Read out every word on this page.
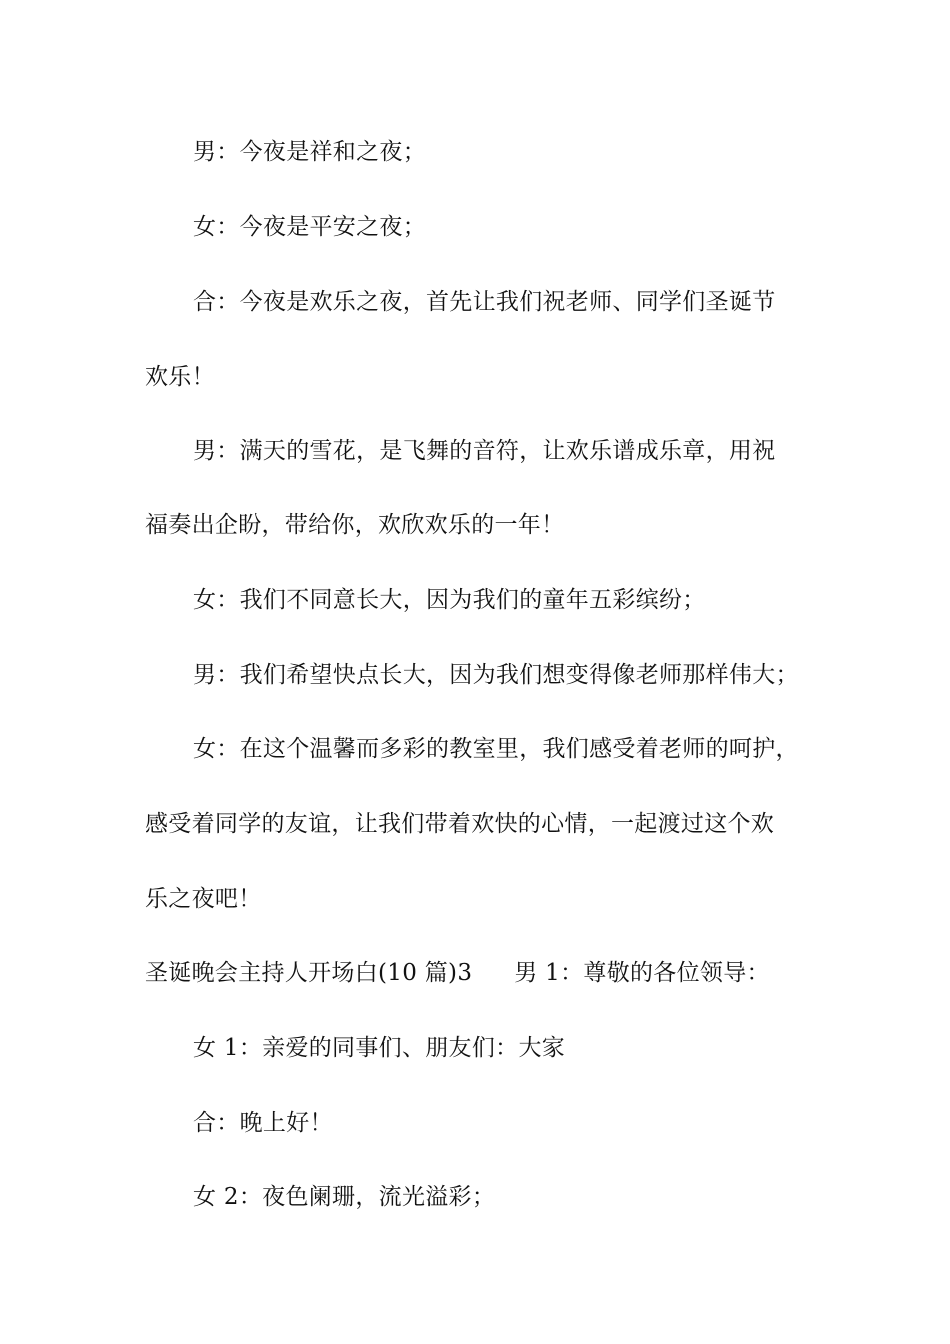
男：今夜是祥和之夜；
女：今夜是平安之夜；
合：今夜是欢乐之夜，首先让我们祝老师、同学们圣诞节
欢乐！
男：满天的雪花，是飞舞的音符，让欢乐谱成乐章，用祝
福奏出企盼，带给你，欢欣欢乐的一年！
女：我们不同意长大，因为我们的童年五彩缤纷；
男：我们希望快点长大，因为我们想变得像老师那样伟大；
女：在这个温馨而多彩的教室里，我们感受着老师的呵护，
感受着同学的友谊，让我们带着欢快的心情，一起渡过这个欢
乐之夜吧！
圣诞晚会主持人开场白(10 篇)3 男 1：尊敬的各位领导：
女 1：亲爱的同事们、朋友们：大家
合：晚上好！
女 2：夜色阑珊，流光溢彩；
